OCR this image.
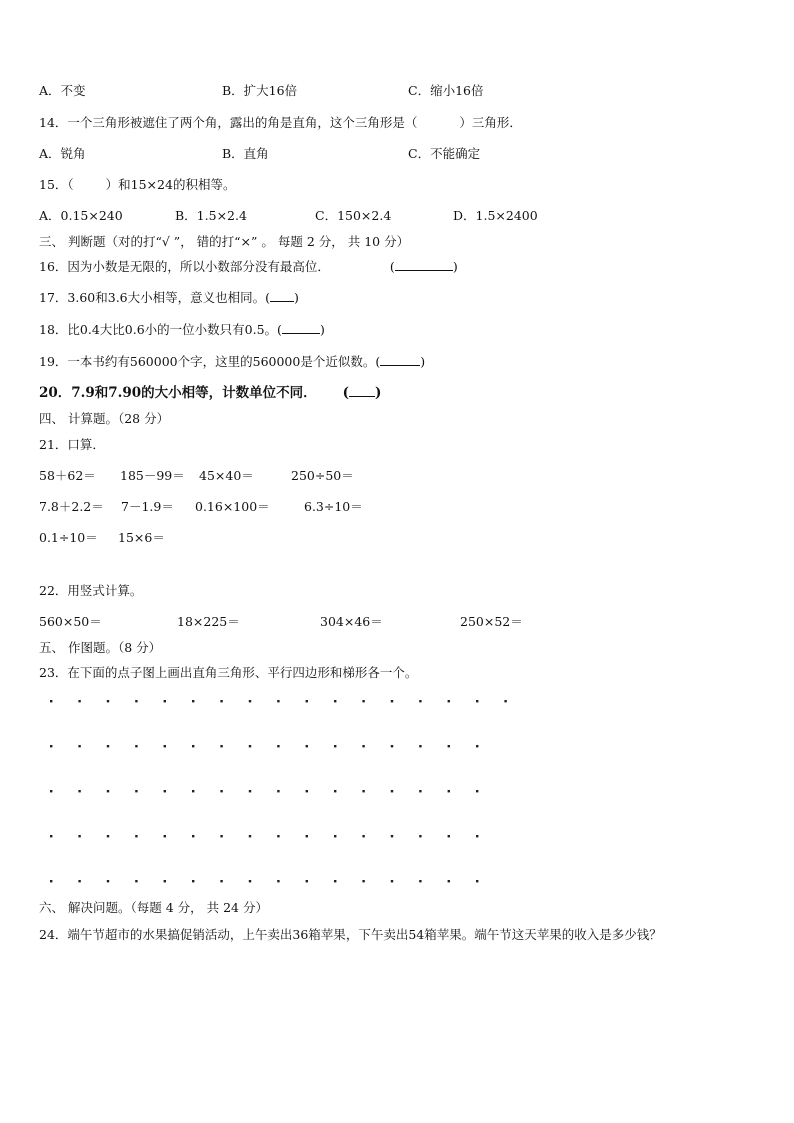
A．不变	B．扩大16倍	C．缩小16倍
14．一个三角形被遮住了两个角，露出的角是直角，这个三角形是（	）三角形．
A．锐角	B．直角	C．不能确定
15．（	）和15×24的积相等。
A．0.15×240	B．1.5×2.4	C．150×2.4	D．1.5×2400
三、 判断题（对的打“√ ”， 错的打“×” 。 每题 2 分， 共 10 分）
16．因为小数是无限的，所以小数部分没有最高位．	(	)
17．3.60和3.6大小相等，意义也相同。( )
18．比0.4大比0.6小的一位小数只有0.5。(	)
19．一本书约有560000个字，这里的560000是个近似数。(	)
20．7.9和7.90的大小相等，计数单位不同． ( )
四、 计算题。（28 分）
21．口算．
58＋62＝	185－99＝	45×40＝	250÷50＝
7.8＋2.2＝	7－1.9＝	0.16×100＝	6.3÷10＝
0.1÷10＝	15×6＝
22．用竖式计算。
560×50＝	18×225＝	304×46＝	250×52＝
五、 作图题。（8 分）
23．在下面的点子图上画出直角三角形、平行四边形和梯形各一个。
六、 解决问题。（每题 4 分， 共 24 分）
24．端午节超市的水果搞促销活动，上午卖出36箱苹果，下午卖出54箱苹果。端午节这天苹果的收入是多少钱？
